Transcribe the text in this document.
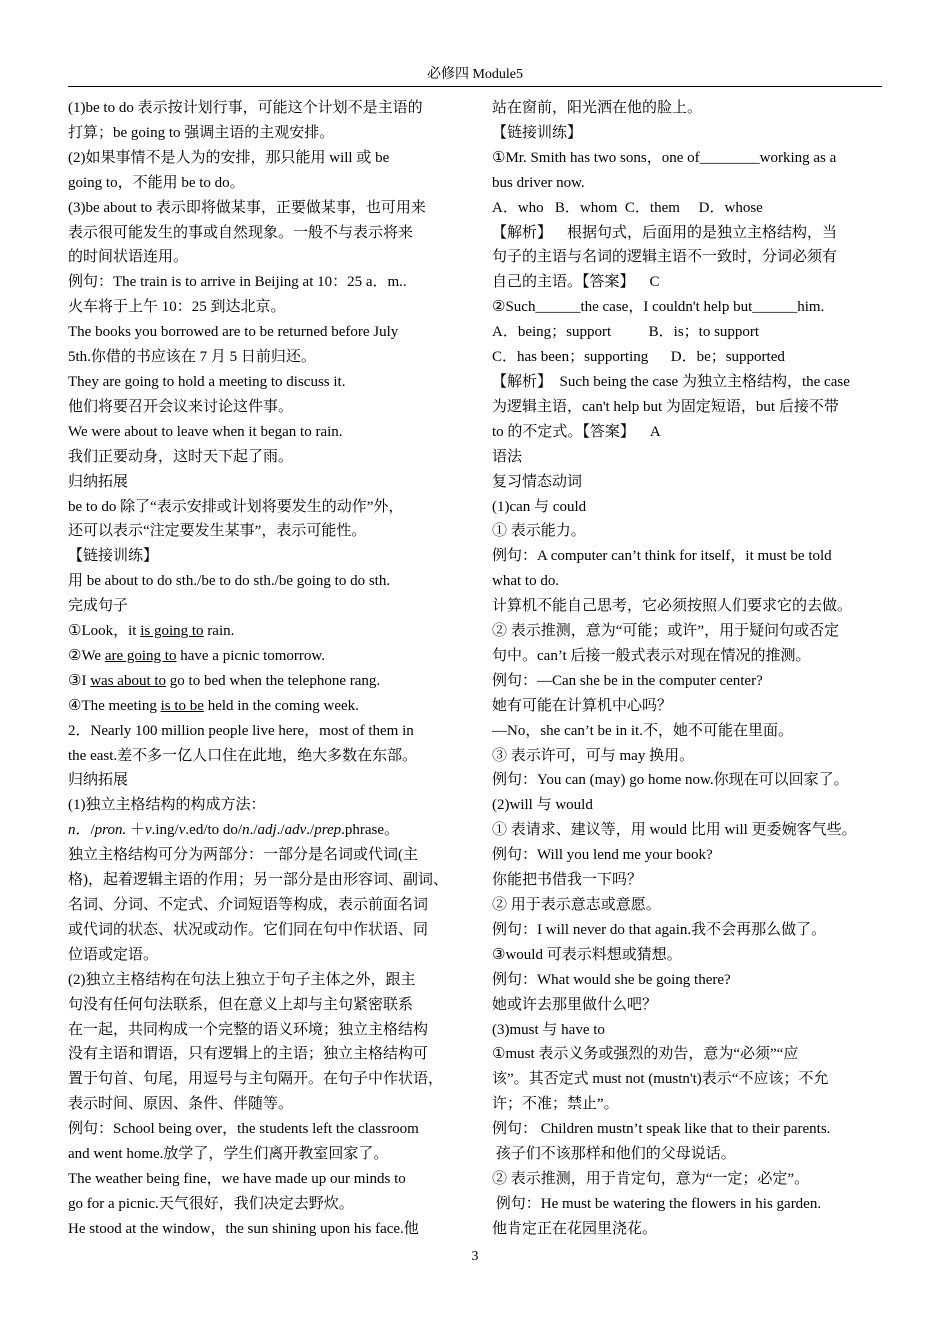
必修四 Module5

(1)be to do 表示按计划行事，可能这个计划不是主语的

打算；be going to 强调主语的主观安排。

(2)如果事情不是人为的安排，那只能用 will 或 be

going to，不能用 be to do。

(3)be about to 表示即将做某事，正要做某事，也可用来

表示很可能发生的事或自然现象。一般不与表示将来

的时间状语连用。

例句：The train is to arrive in Beijing at 10：25 a．m..

火车将于上午 10：25 到达北京。

The books you borrowed are to be returned before July

5th.你借的书应该在 7 月 5 日前归还。

They are going to hold a meeting to discuss it.

他们将要召开会议来讨论这件事。

We were about to leave when it began to rain.

我们正要动身，这时天下起了雨。

归纳拓展

be to do 除了“表示安排或计划将要发生的动作”外，

还可以表示“注定要发生某事”，表示可能性。

【链接训练】

用 be about to do sth./be to do sth./be going to do sth.

完成句子

①Look，it is going to rain.

②We are going to have a picnic tomorrow.

③I was about to go to bed when the telephone rang.

④The meeting is to be held in the coming week.

2．Nearly 100 million people live here，most of them in

the east.差不多一亿人口住在此地，绝大多数在东部。

归纳拓展

(1)独立主格结构的构成方法：

n．/pron. ＋v.ing/v.ed/to do/n./adj./adv./prep.phrase。

独立主格结构可分为两部分：一部分是名词或代词(主

格)，起着逻辑主语的作用；另一部分是由形容词、副词、

名词、分词、不定式、介词短语等构成，表示前面名词

或代词的状态、状况或动作。它们同在句中作状语、同

位语或定语。

(2)独立主格结构在句法上独立于句子主体之外，跟主

句没有任何句法联系，但在意义上却与主句紧密联系

在一起，共同构成一个完整的语义环境；独立主格结构

没有主语和谓语，只有逻辑上的主语；独立主格结构可

置于句首、句尾，用逗号与主句隔开。在句子中作状语，

表示时间、原因、条件、伴随等。

例句：School being over，the students left the classroom

and went home.放学了，学生们离开教室回家了。

The weather being fine，we have made up our minds to

go for a picnic.天气很好，我们决定去野炊。

He stood at the window，the sun shining upon his face.他

站在窗前，阳光洒在他的脸上。

【链接训练】

①Mr. Smith has two sons，one of________working as a

bus driver now.

A．who   B．whom  C．them     D．whose

【解析】    根据句式，后面用的是独立主格结构，当

句子的主语与名词的逻辑主语不一致时，分词必须有

自己的主语。【答案】    C

②Such______the case，I couldn't help but______him.

A．being；support          B．is；to support

C．has been；supporting      D．be；supported

【解析】  Such being the case 为独立主格结构，the case

为逻辑主语，can't help but 为固定短语，but 后接不带

to 的不定式。【答案】    A

语法

复习情态动词

(1)can 与 could

① 表示能力。

例句：A computer can’t think for itself，it must be told

what to do.

计算机不能自己思考，它必须按照人们要求它的去做。

② 表示推测，意为“可能；或许”，用于疑问句或否定

句中。can’t 后接一般式表示对现在情况的推测。

例句：—Can she be in the computer center?

她有可能在计算机中心吗？

—No，she can’t be in it.不，她不可能在里面。

③ 表示许可，可与 may 换用。

例句：You can (may) go home now.你现在可以回家了。

(2)will 与 would

① 表请求、建议等，用 would 比用 will 更委婉客气些。

例句：Will you lend me your book?

你能把书借我一下吗？

② 用于表示意志或意愿。

例句：I will never do that again.我不会再那么做了。

③would 可表示料想或猜想。

例句：What would she be going there?

她或许去那里做什么吧？

(3)must 与 have to

①must 表示义务或强烈的劝告，意为“必须”“应

该”。其否定式 must not (mustn't)表示“不应该；不允

许；不准；禁止”。

例句： Children mustn’t speak like that to their parents.

孩子们不该那样和他们的父母说话。

② 表示推测，用于肯定句，意为“一定；必定”。

例句：He must be watering the flowers in his garden.

他肯定正在花园里浇花。

3
